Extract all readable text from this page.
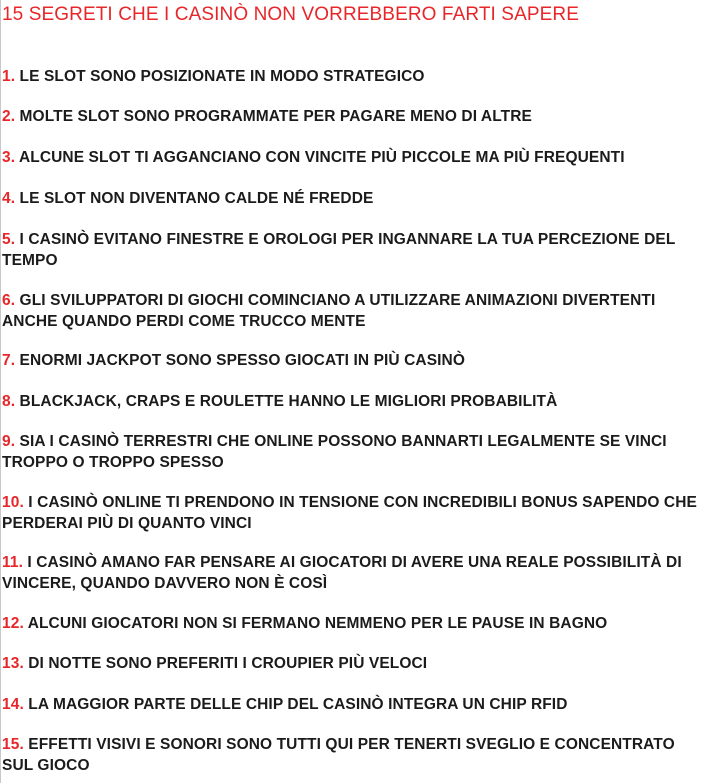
15 SEGRETI CHE I CASINÒ NON VORREBBERO FARTI SAPERE
1. LE SLOT SONO POSIZIONATE IN MODO STRATEGICO
2. MOLTE SLOT SONO PROGRAMMATE PER PAGARE MENO DI ALTRE
3. ALCUNE SLOT TI AGGANCIANO CON VINCITE PIÙ PICCOLE MA PIÙ FREQUENTI
4. LE SLOT NON DIVENTANO CALDE NÉ FREDDE
5. I CASINÒ EVITANO FINESTRE E OROLOGI PER INGANNARE LA TUA PERCEZIONE DEL TEMPO
6. GLI SVILUPPATORI DI GIOCHI COMINCIANO A UTILIZZARE ANIMAZIONI DIVERTENTI ANCHE QUANDO PERDI COME TRUCCO MENTE
7. ENORMI JACKPOT SONO SPESSO GIOCATI IN PIÙ CASINÒ
8. BLACKJACK, CRAPS E ROULETTE HANNO LE MIGLIORI PROBABILITÀ
9. SIA I CASINÒ TERRESTRI CHE ONLINE POSSONO BANNARTI LEGALMENTE SE VINCI TROPPO O TROPPO SPESSO
10. I CASINÒ ONLINE TI PRENDONO IN TENSIONE CON INCREDIBILI BONUS SAPENDO CHE PERDERAI PIÙ DI QUANTO VINCI
11. I CASINÒ AMANO FAR PENSARE AI GIOCATORI DI AVERE UNA REALE POSSIBILITÀ DI VINCERE, QUANDO DAVVERO NON È COSÌ
12. ALCUNI GIOCATORI NON SI FERMANO NEMMENO PER LE PAUSE IN BAGNO
13. DI NOTTE SONO PREFERITI I CROUPIER PIÙ VELOCI
14. LA MAGGIOR PARTE DELLE CHIP DEL CASINÒ INTEGRA UN CHIP RFID
15. EFFETTI VISIVI E SONORI SONO TUTTI QUI PER TENERTI SVEGLIO E CONCENTRATO SUL GIOCO
